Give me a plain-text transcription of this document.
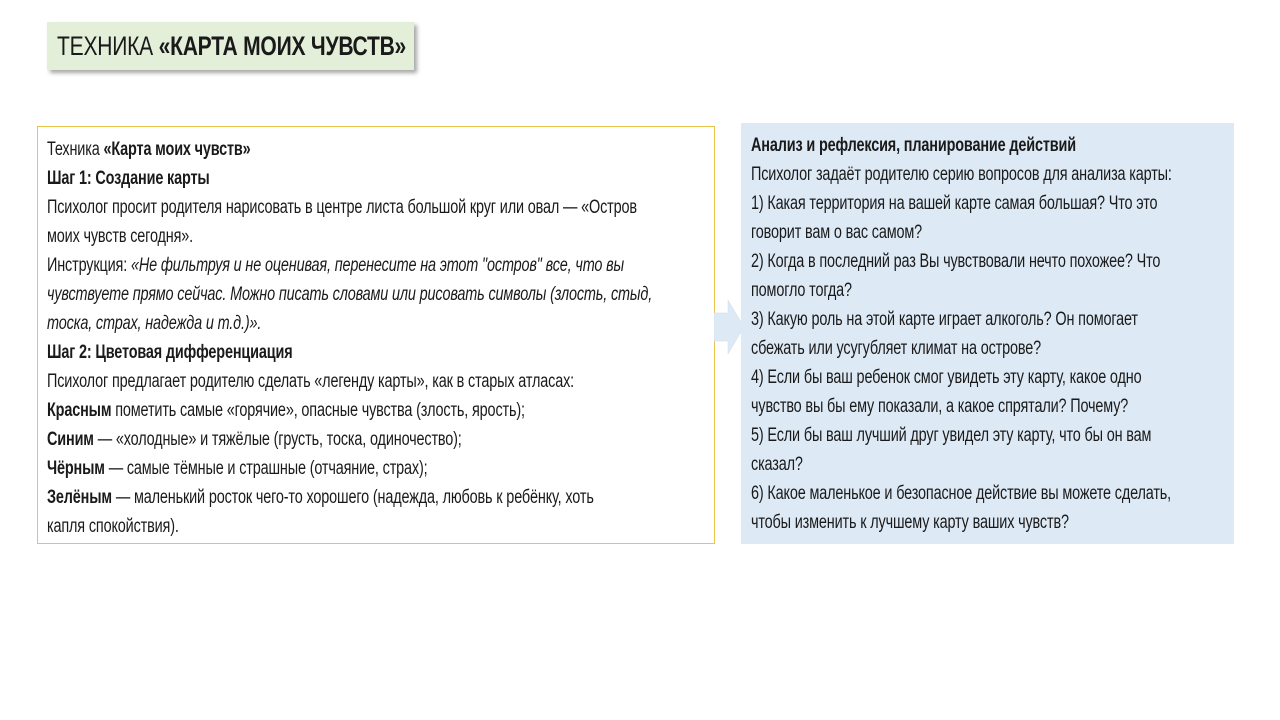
ТЕХНИКА «КАРТА МОИХ ЧУВСТВ»
Техника «Карта моих чувств»
Шаг 1: Создание карты
Психолог просит родителя нарисовать в центре листа большой круг или овал — «Остров
моих чувств сегодня».
Инструкция: «Не фильтруя и не оценивая, перенесите на этот "остров" все, что вы
чувствуете прямо сейчас. Можно писать словами или рисовать символы (злость, стыд,
тоска, страх, надежда и т.д.)».
Шаг 2: Цветовая дифференциация
Психолог предлагает родителю сделать «легенду карты», как в старых атласах:
Красным пометить самые «горячие», опасные чувства (злость, ярость);
Синим — «холодные» и тяжёлые (грусть, тоска, одиночество);
Чёрным — самые тёмные и страшные (отчаяние, страх);
Зелёным — маленький росток чего-то хорошего (надежда, любовь к ребёнку, хоть
капля спокойствия).
Анализ и рефлексия, планирование действий
Психолог задаёт родителю серию вопросов для анализа карты:
1) Какая территория на вашей карте самая большая? Что это
говорит вам о вас самом?
2) Когда в последний раз Вы чувствовали нечто похожее? Что
помогло тогда?
3) Какую роль на этой карте играет алкоголь? Он помогает
сбежать или усугубляет климат на острове?
4) Если бы ваш ребенок смог увидеть эту карту, какое одно
чувство вы бы ему показали, а какое спрятали? Почему?
5) Если бы ваш лучший друг увидел эту карту, что бы он вам
сказал?
6) Какое маленькое и безопасное действие вы можете сделать,
чтобы изменить к лучшему карту ваших чувств?
